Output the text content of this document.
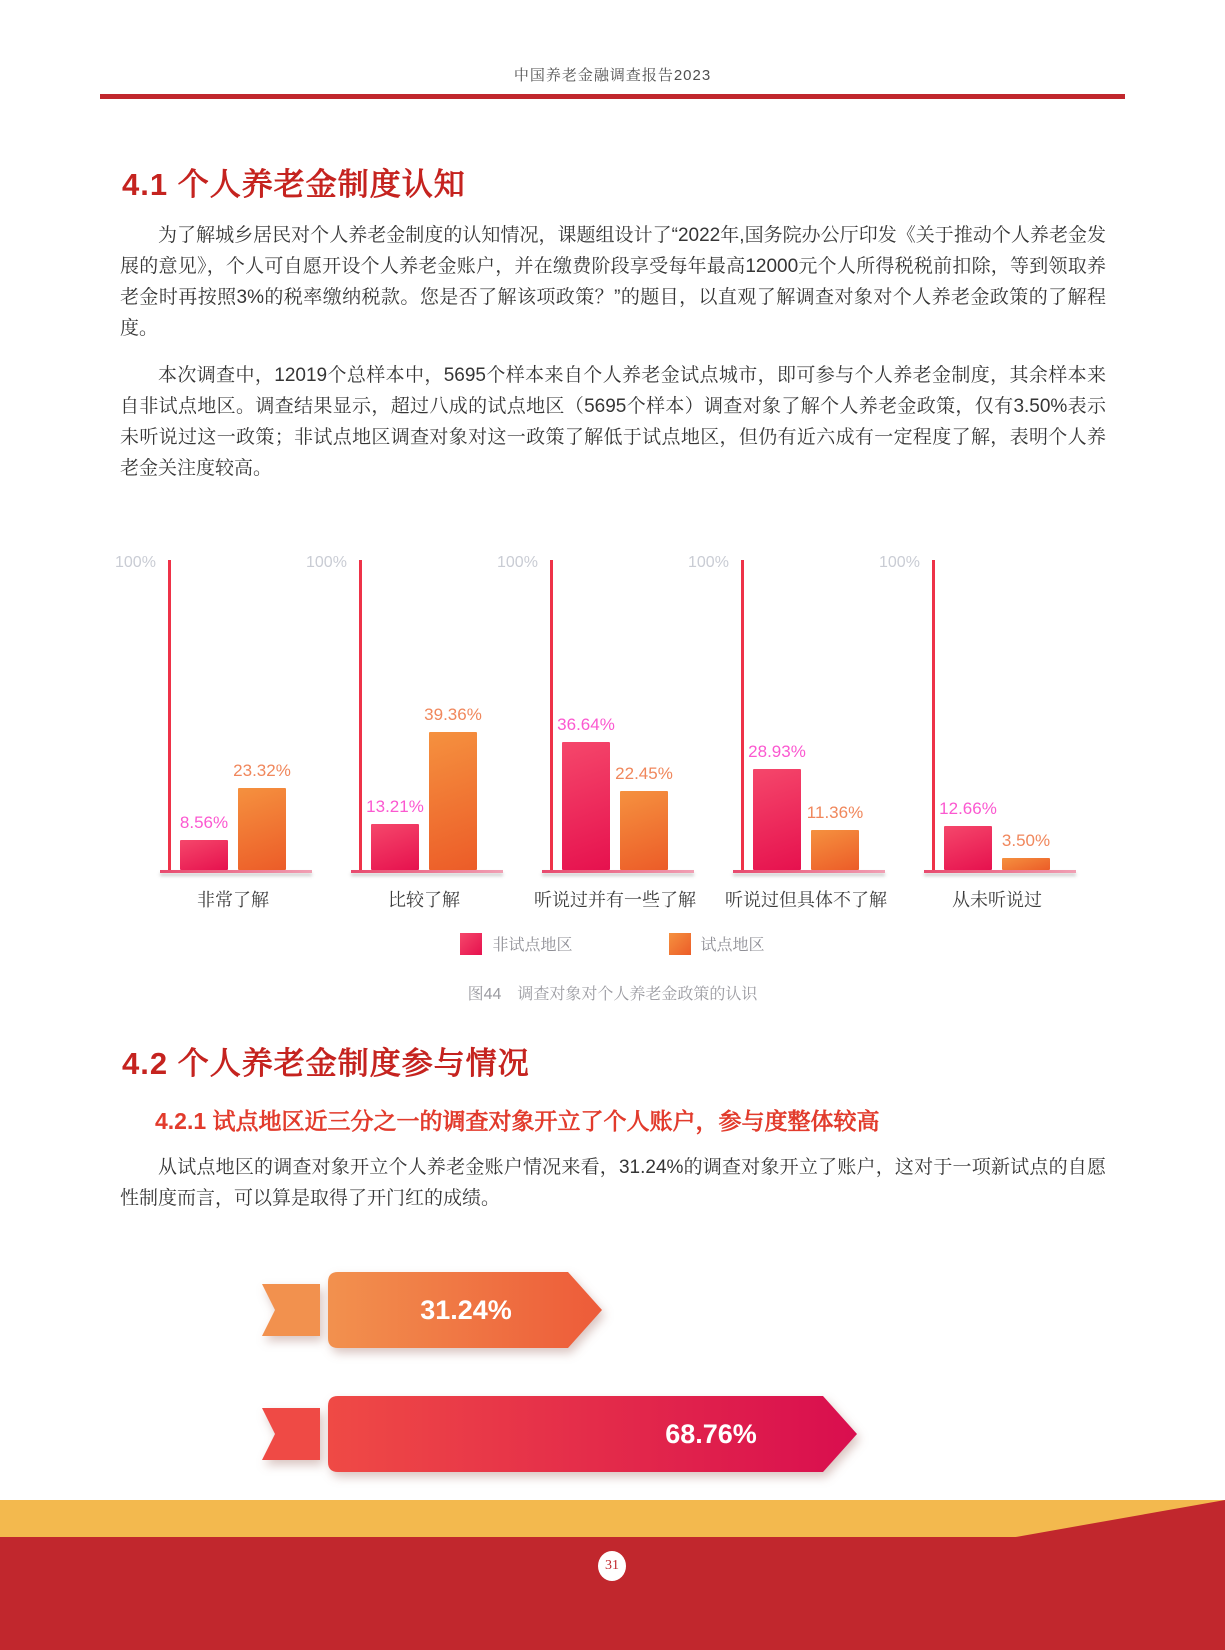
中国养老金融调查报告2023
4.1 个人养老金制度认知

为了解城乡居民对个人养老金制度的认知情况，课题组设计了“2022年,国务院办公厅印发《关于推动个人养老金发展的意见》，个人可自愿开设个人养老金账户，并在缴费阶段享受每年最高12000元个人所得税税前扣除，等到领取养老金时再按照3%的税率缴纳税款。您是否了解该项政策？”的题目，以直观了解调查对象对个人养老金政策的了解程度。

本次调查中，12019个总样本中，5695个样本来自个人养老金试点城市，即可参与个人养老金制度，其余样本来自非试点地区。调查结果显示，超过八成的试点地区（5695个样本）调查对象了解个人养老金政策，仅有3.50%表示未听说过这一政策；非试点地区调查对象对这一政策了解低于试点地区，但仍有近六成有一定程度了解，表明个人养老金关注度较高。

100%
8.56%
23.32%
非常了解
100%
13.21%
39.36%
比较了解
100%
36.64%
22.45%
听说过并有一些了解
100%
28.93%
11.36%
听说过但具体不了解
100%
12.66%
3.50%
从未听说过
非试点地区	试点地区
图44　调查对象对个人养老金政策的认识
4.2 个人养老金制度参与情况
4.2.1 试点地区近三分之一的调查对象开立了个人账户，参与度整体较高

从试点地区的调查对象开立个人养老金账户情况来看，31.24%的调查对象开立了账户，这对于一项新试点的自愿性制度而言，可以算是取得了开门红的成绩。

31.24%
68.76%
31
